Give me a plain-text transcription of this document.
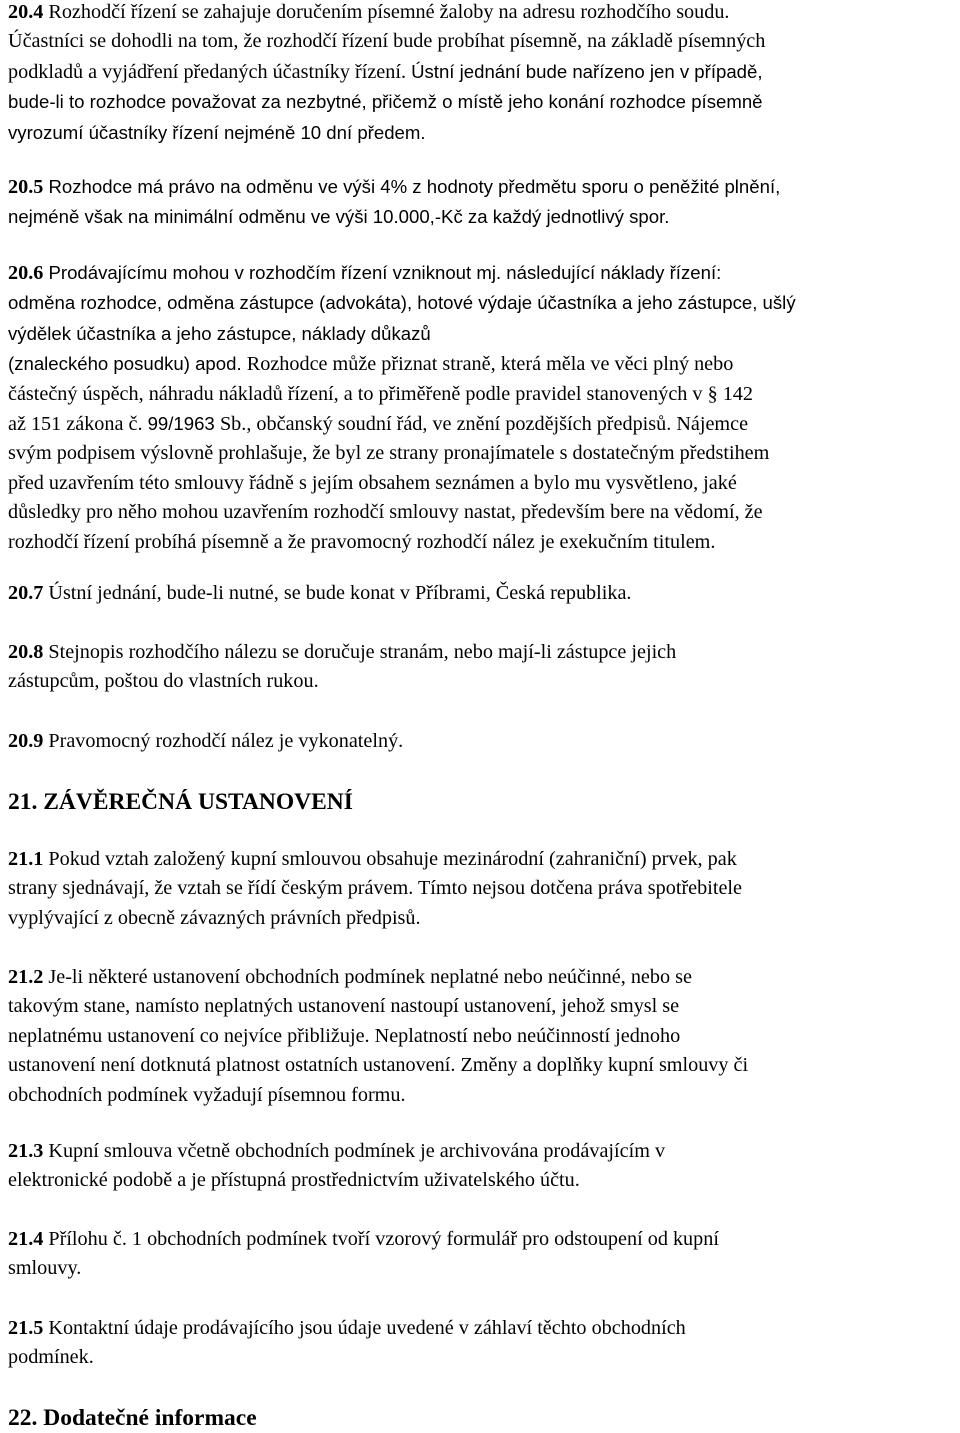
20.4 Rozhodčí řízení se zahajuje doručením písemné žaloby na adresu rozhodčího soudu.
Účastníci se dohodli na tom, že rozhodčí řízení bude probíhat písemně, na základě písemných
podkladů a vyjádření předaných účastníky řízení. Ústní jednání bude nařízeno jen v případě,
bude-li to rozhodce považovat za nezbytné, přičemž o místě jeho konání rozhodce písemně
vyrozumí účastníky řízení nejméně 10 dní předem.
20.5 Rozhodce má právo na odměnu ve výši 4% z hodnoty předmětu sporu o peněžité plnění,
nejméně však na minimální odměnu ve výši 10.000,-Kč za každý jednotlivý spor.
20.6 Prodávajícímu mohou v rozhodčím řízení vzniknout mj. následující náklady řízení:
odměna rozhodce, odměna zástupce (advokáta), hotové výdaje účastníka a jeho zástupce, ušlý
výdělek účastníka a jeho zástupce, náklady důkazů
(znaleckého posudku) apod. Rozhodce může přiznat straně, která měla ve věci plný nebo
částečný úspěch, náhradu nákladů řízení, a to přiměřeně podle pravidel stanovených v § 142
až 151 zákona č. 99/1963 Sb., občanský soudní řád, ve znění pozdějších předpisů. Nájemce
svým podpisem výslovně prohlašuje, že byl ze strany pronajímatele s dostatečným předstihem
před uzavřením této smlouvy řádně s jejím obsahem seznámen a bylo mu vysvětleno, jaké
důsledky pro něho mohou uzavřením rozhodčí smlouvy nastat, především bere na vědomí, že
rozhodčí řízení probíhá písemně a že pravomocný rozhodčí nález je exekučním titulem.
20.7 Ústní jednání, bude-li nutné, se bude konat v Příbrami, Česká republika.
20.8 Stejnopis rozhodčího nálezu se doručuje stranám, nebo mají-li zástupce jejich
zástupcům, poštou do vlastních rukou.
20.9 Pravomocný rozhodčí nález je vykonatelný.
21. ZÁVĚREČNÁ USTANOVENÍ
21.1 Pokud vztah založený kupní smlouvou obsahuje mezinárodní (zahraniční) prvek, pak
strany sjednávají, že vztah se řídí českým právem. Tímto nejsou dotčena práva spotřebitele
vyplývající z obecně závazných právních předpisů.
21.2 Je-li některé ustanovení obchodních podmínek neplatné nebo neúčinné, nebo se
takovým stane, namísto neplatných ustanovení nastoupí ustanovení, jehož smysl se
neplatnému ustanovení co nejvíce přibližuje. Neplatností nebo neúčinností jednoho
ustanovení není dotknutá platnost ostatních ustanovení. Změny a doplňky kupní smlouvy či
obchodních podmínek vyžadují písemnou formu.
21.3 Kupní smlouva včetně obchodních podmínek je archivována prodávajícím v
elektronické podobě a je přístupná prostřednictvím uživatelského účtu.
21.4 Přílohu č. 1 obchodních podmínek tvoří vzorový formulář pro odstoupení od kupní
smlouvy.
21.5 Kontaktní údaje prodávajícího jsou údaje uvedené v záhlaví těchto obchodních
podmínek.
22. Dodatečné informace
